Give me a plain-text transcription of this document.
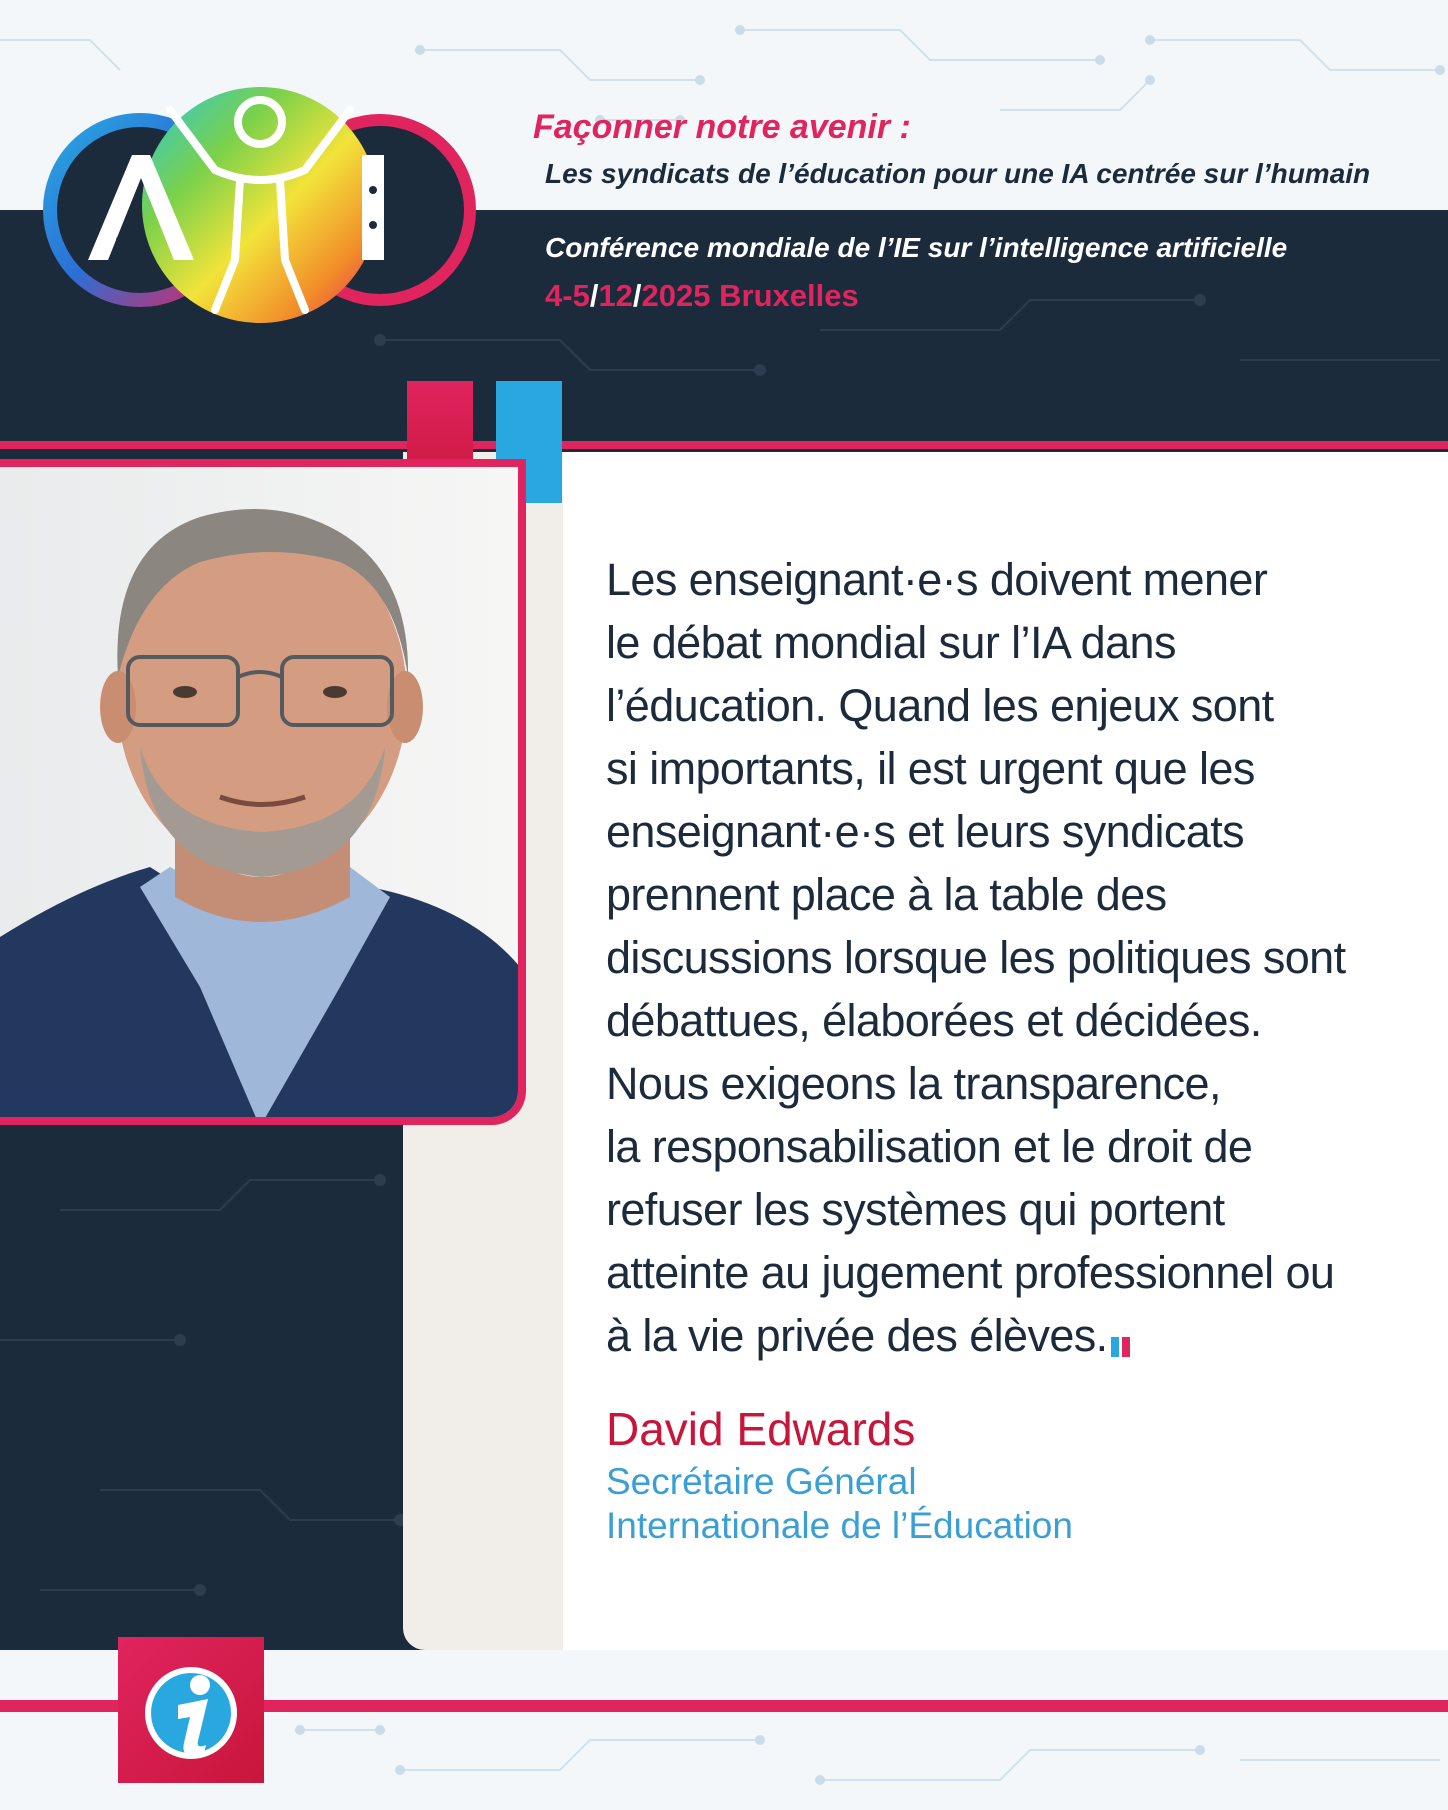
Façonner notre avenir :

Les syndicats de l’éducation pour une IA centrée sur l’humain

Conférence mondiale de l’IE sur l’intelligence artificielle

4-5/12/2025 Bruxelles

Les enseignant·e·s doivent mener
le débat mondial sur l’IA dans
l’éducation. Quand les enjeux sont
si importants, il est urgent que les
enseignant·e·s et leurs syndicats
prennent place à la table des
discussions lorsque les politiques sont
débattues, élaborées et décidées.
Nous exigeons la transparence,
la responsabilisation et le droit de
refuser les systèmes qui portent
atteinte au jugement professionnel ou
à la vie privée des élèves.

David Edwards

Secrétaire Général

Internationale de l’Éducation
